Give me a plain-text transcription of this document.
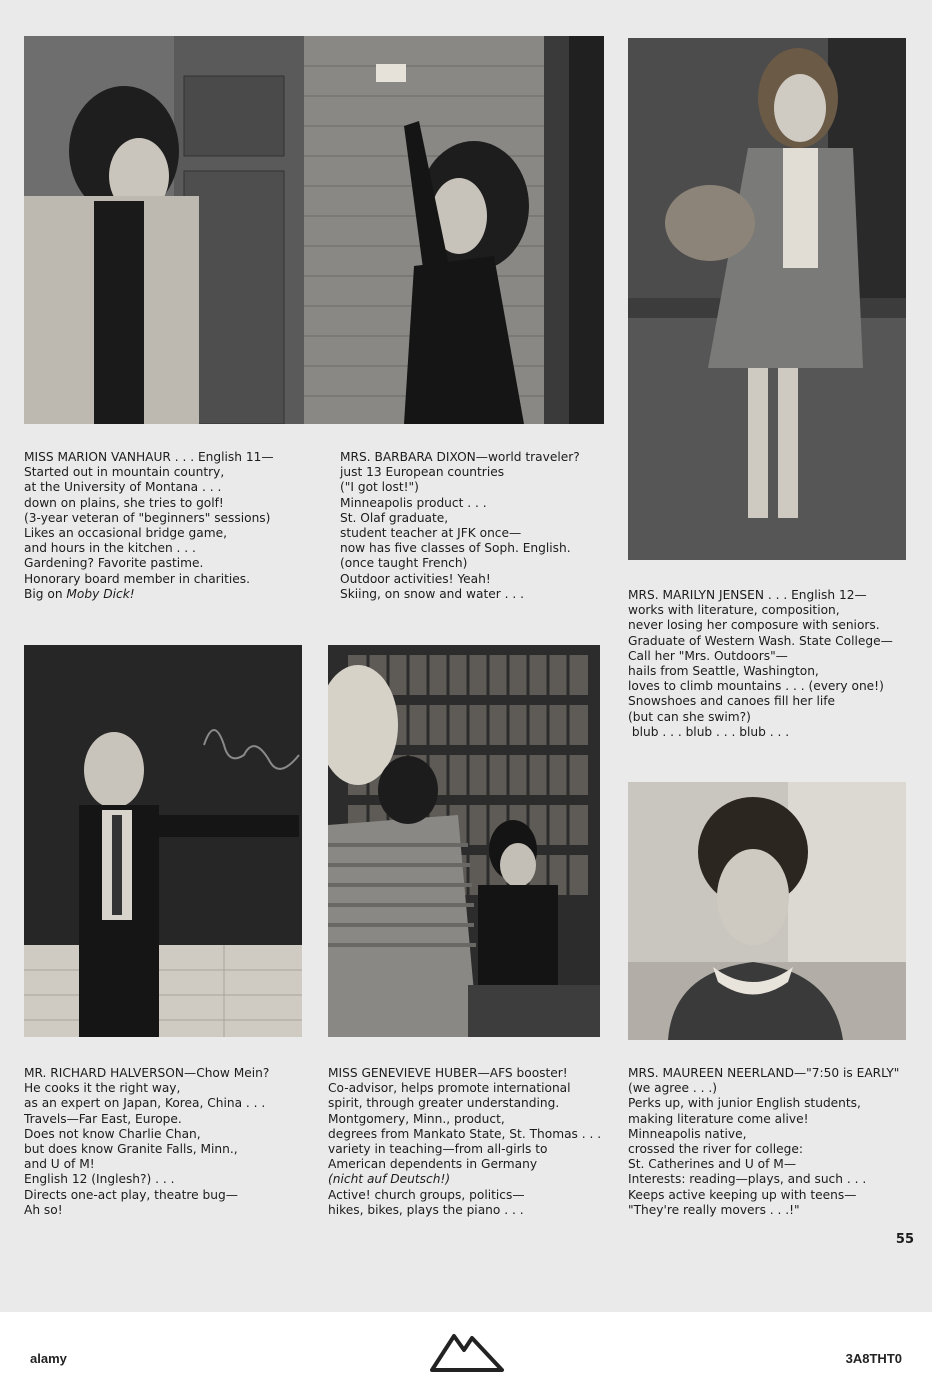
MISS MARION VANHAUR . . . English 11—
Started out in mountain country,
at the University of Montana . . .
down on plains, she tries to golf!
(3-year veteran of "beginners" sessions)
Likes an occasional bridge game,
and hours in the kitchen . . .
Gardening? Favorite pastime.
Honorary board member in charities.
Big on Moby Dick!
MRS. BARBARA DIXON—world traveler?
just 13 European countries
("I got lost!")
Minneapolis product . . .
St. Olaf graduate,
student teacher at JFK once—
now has five classes of Soph. English.
(once taught French)
Outdoor activities! Yeah!
Skiing, on snow and water . . .	MRS. MARILYN JENSEN . . . English 12—
works with literature, composition,
never losing her composure with seniors.
Graduate of Western Wash. State College—
Call her "Mrs. Outdoors"—
hails from Seattle, Washington,
loves to climb mountains . . . (every one!)
Snowshoes and canoes fill her life
(but can she swim?)
blub . . . blub . . . blub . . .
MR. RICHARD HALVERSON—Chow Mein?
He cooks it the right way,
as an expert on Japan, Korea, China . . .
Travels—Far East, Europe.
Does not know Charlie Chan,
but does know Granite Falls, Minn.,
and U of M!
English 12 (Inglesh?) . . .
Directs one-act play, theatre bug—
Ah so!
MISS GENEVIEVE HUBER—AFS booster!
Co-advisor, helps promote international
spirit, through greater understanding.
Montgomery, Minn., product,
degrees from Mankato State, St. Thomas . . .
variety in teaching—from all-girls to
American dependents in Germany
(nicht auf Deutsch!)
Active! church groups, politics—
hikes, bikes, plays the piano . . .
MRS. MAUREEN NEERLAND—"7:50 is EARLY"
(we agree . . .)
Perks up, with junior English students,
making literature come alive!
Minneapolis native,
crossed the river for college:
St. Catherines and U of M—
Interests: reading—plays, and such . . .
Keeps active keeping up with teens—
"They're really movers . . .!"
55
alamy	3A8THT0
